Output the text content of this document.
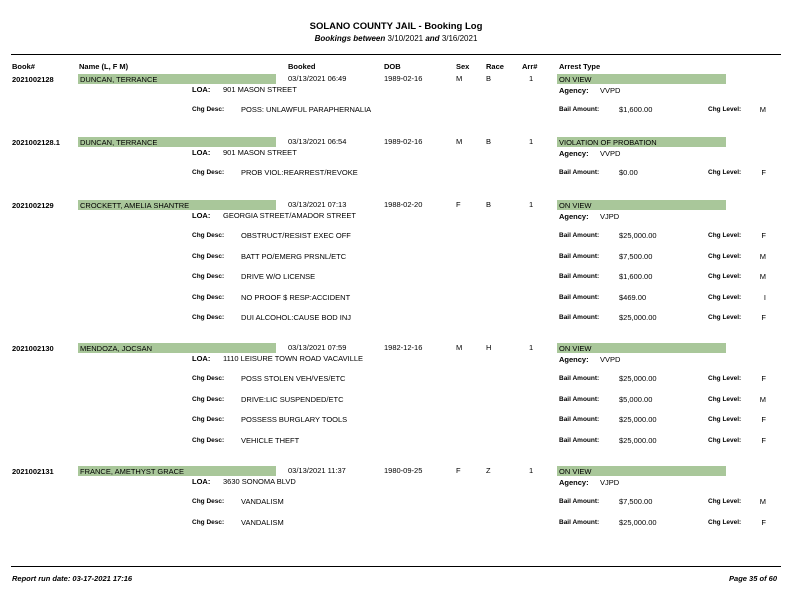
SOLANO COUNTY JAIL - Booking Log
Bookings between 3/10/2021 and 3/16/2021
Book#	Name (L, F M)	Booked	DOB	Sex Race Arr#	Arrest Type
2021002128	DUNCAN, TERRANCE	03/13/2021 06:49	1989-02-16	M	B	1	ON VIEW
LOA: 901 MASON STREET	Agency: VVPD
Chg Desc: POSS: UNLAWFUL PARAPHERNALIA	Bail Amount:	$1,600.00	Chg Level: M
2021002128.1	DUNCAN, TERRANCE	03/13/2021 06:54	1989-02-16	M	B	1	VIOLATION OF PROBATION
LOA: 901 MASON STREET	Agency: VVPD
Chg Desc: PROB VIOL:REARREST/REVOKE	Bail Amount:	$0.00	Chg Level:	F
2021002129	CROCKETT, AMELIA SHANTRE	03/13/2021 07:13	1988-02-20	F	B	1	ON VIEW
LOA: GEORGIA STREET/AMADOR STREET	Agency: VJPD
Chg Desc: OBSTRUCT/RESIST EXEC OFF	Bail Amount:	$25,000.00	Chg Level:	F
Chg Desc: BATT PO/EMERG PRSNL/ETC	Bail Amount:	$7,500.00	Chg Level: M
Chg Desc: DRIVE W/O LICENSE	Bail Amount:	$1,600.00	Chg Level: M
Chg Desc: NO PROOF $ RESP:ACCIDENT	Bail Amount:	$469.00	Chg Level:	I
Chg Desc: DUI ALCOHOL:CAUSE BOD INJ	Bail Amount:	$25,000.00	Chg Level:	F
2021002130	MENDOZA, JOCSAN	03/13/2021 07:59	1982-12-16	M	H	1	ON VIEW
LOA: 1110 LEISURE TOWN ROAD VACAVILLE	Agency: VVPD
Chg Desc: POSS STOLEN VEH/VES/ETC	Bail Amount:	$25,000.00	Chg Level:	F
Chg Desc: DRIVE:LIC SUSPENDED/ETC	Bail Amount:	$5,000.00	Chg Level: M
Chg Desc: POSSESS BURGLARY TOOLS	Bail Amount:	$25,000.00	Chg Level:	F
Chg Desc: VEHICLE THEFT	Bail Amount:	$25,000.00	Chg Level:	F
2021002131	FRANCE, AMETHYST GRACE	03/13/2021 11:37	1980-09-25	F	Z	1	ON VIEW
LOA: 3630 SONOMA BLVD	Agency: VJPD
Chg Desc: VANDALISM	Bail Amount:	$7,500.00	Chg Level: M
Chg Desc: VANDALISM	Bail Amount:	$25,000.00	Chg Level:	F
Report run date: 03-17-2021 17:16	Page 35 of 60
